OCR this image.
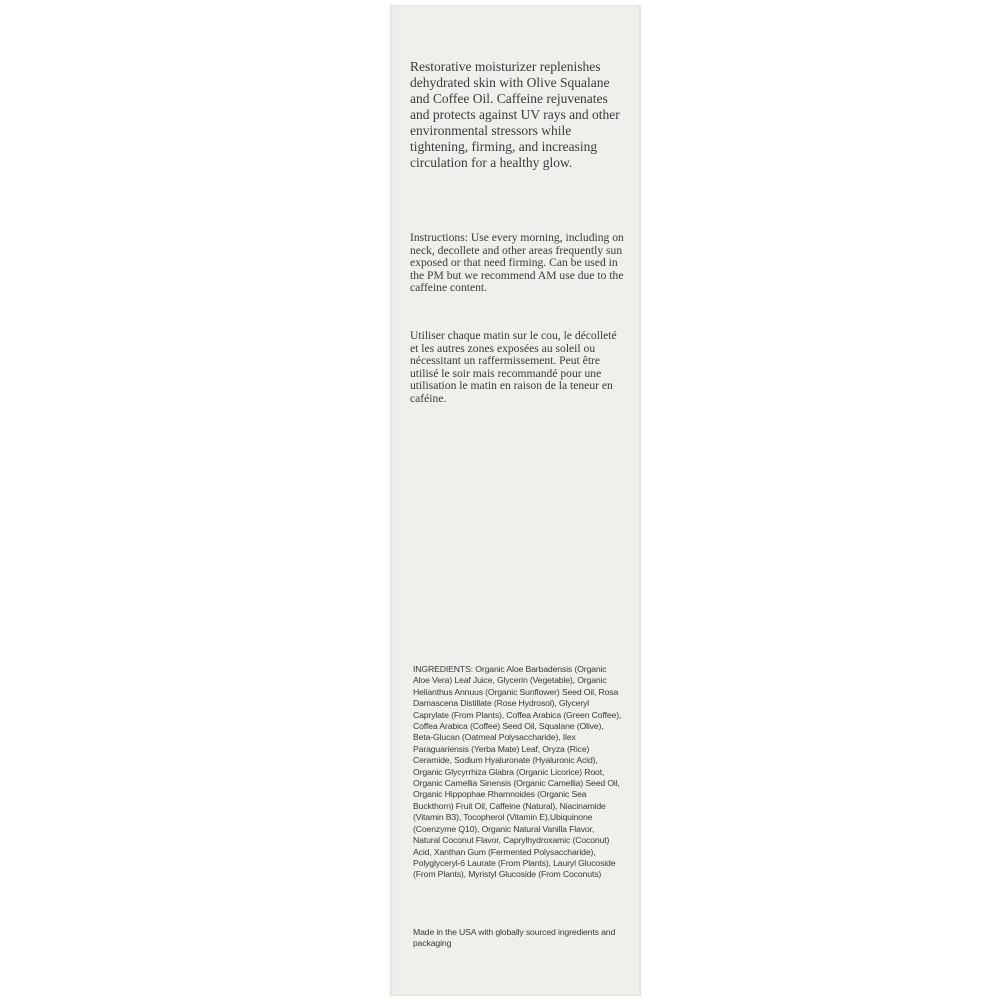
Restorative moisturizer replenishes dehydrated skin with Olive Squalane and Coffee Oil. Caffeine rejuvenates and protects against UV rays and other environmental stressors while tightening, firming, and increasing circulation for a healthy glow.

Instructions: Use every morning, including on neck, decollete and other areas frequently sun exposed or that need firming. Can be used in the PM but we recommend AM use due to the caffeine content.

Utiliser chaque matin sur le cou, le décolleté et les autres zones exposées au soleil ou nécessitant un raffermissement. Peut être utilisé le soir mais recommandé pour une utilisation le matin en raison de la teneur en caféine.

INGREDIENTS: Organic Aloe Barbadensis (Organic Aloe Vera) Leaf Juice, Glycerin (Vegetable), Organic Helianthus Annuus (Organic Sunflower) Seed Oil, Rosa Damascena Distillate (Rose Hydrosol), Glyceryl Caprylate (From Plants), Coffea Arabica (Green Coffee), Coffea Arabica (Coffee) Seed Oil, Squalane (Olive), Beta-Glucan (Oatmeal Polysaccharide), Ilex Paraguariensis (Yerba Mate) Leaf, Oryza (Rice) Ceramide, Sodium Hyaluronate (Hyaluronic Acid), Organic Glycyrrhiza Glabra (Organic Licorice) Root, Organic Camellia Sinensis (Organic Camellia) Seed Oil, Organic Hippophae Rhamnoides (Organic Sea Buckthorn) Fruit Oil, Caffeine (Natural), Niacinamide (Vitamin B3), Tocopherol (Vitamin E),Ubiquinone (Coenzyme Q10), Organic Natural Vanilla Flavor, Natural Coconut Flavor, Caprylhydroxamic (Coconut) Acid, Xanthan Gum (Fermented Polysaccharide), Polyglyceryl-6 Laurate (From Plants), Lauryl Glucoside (From Plants), Myristyl Glucoside (From Coconuts)

Made in the USA with globally sourced ingredients and packaging
